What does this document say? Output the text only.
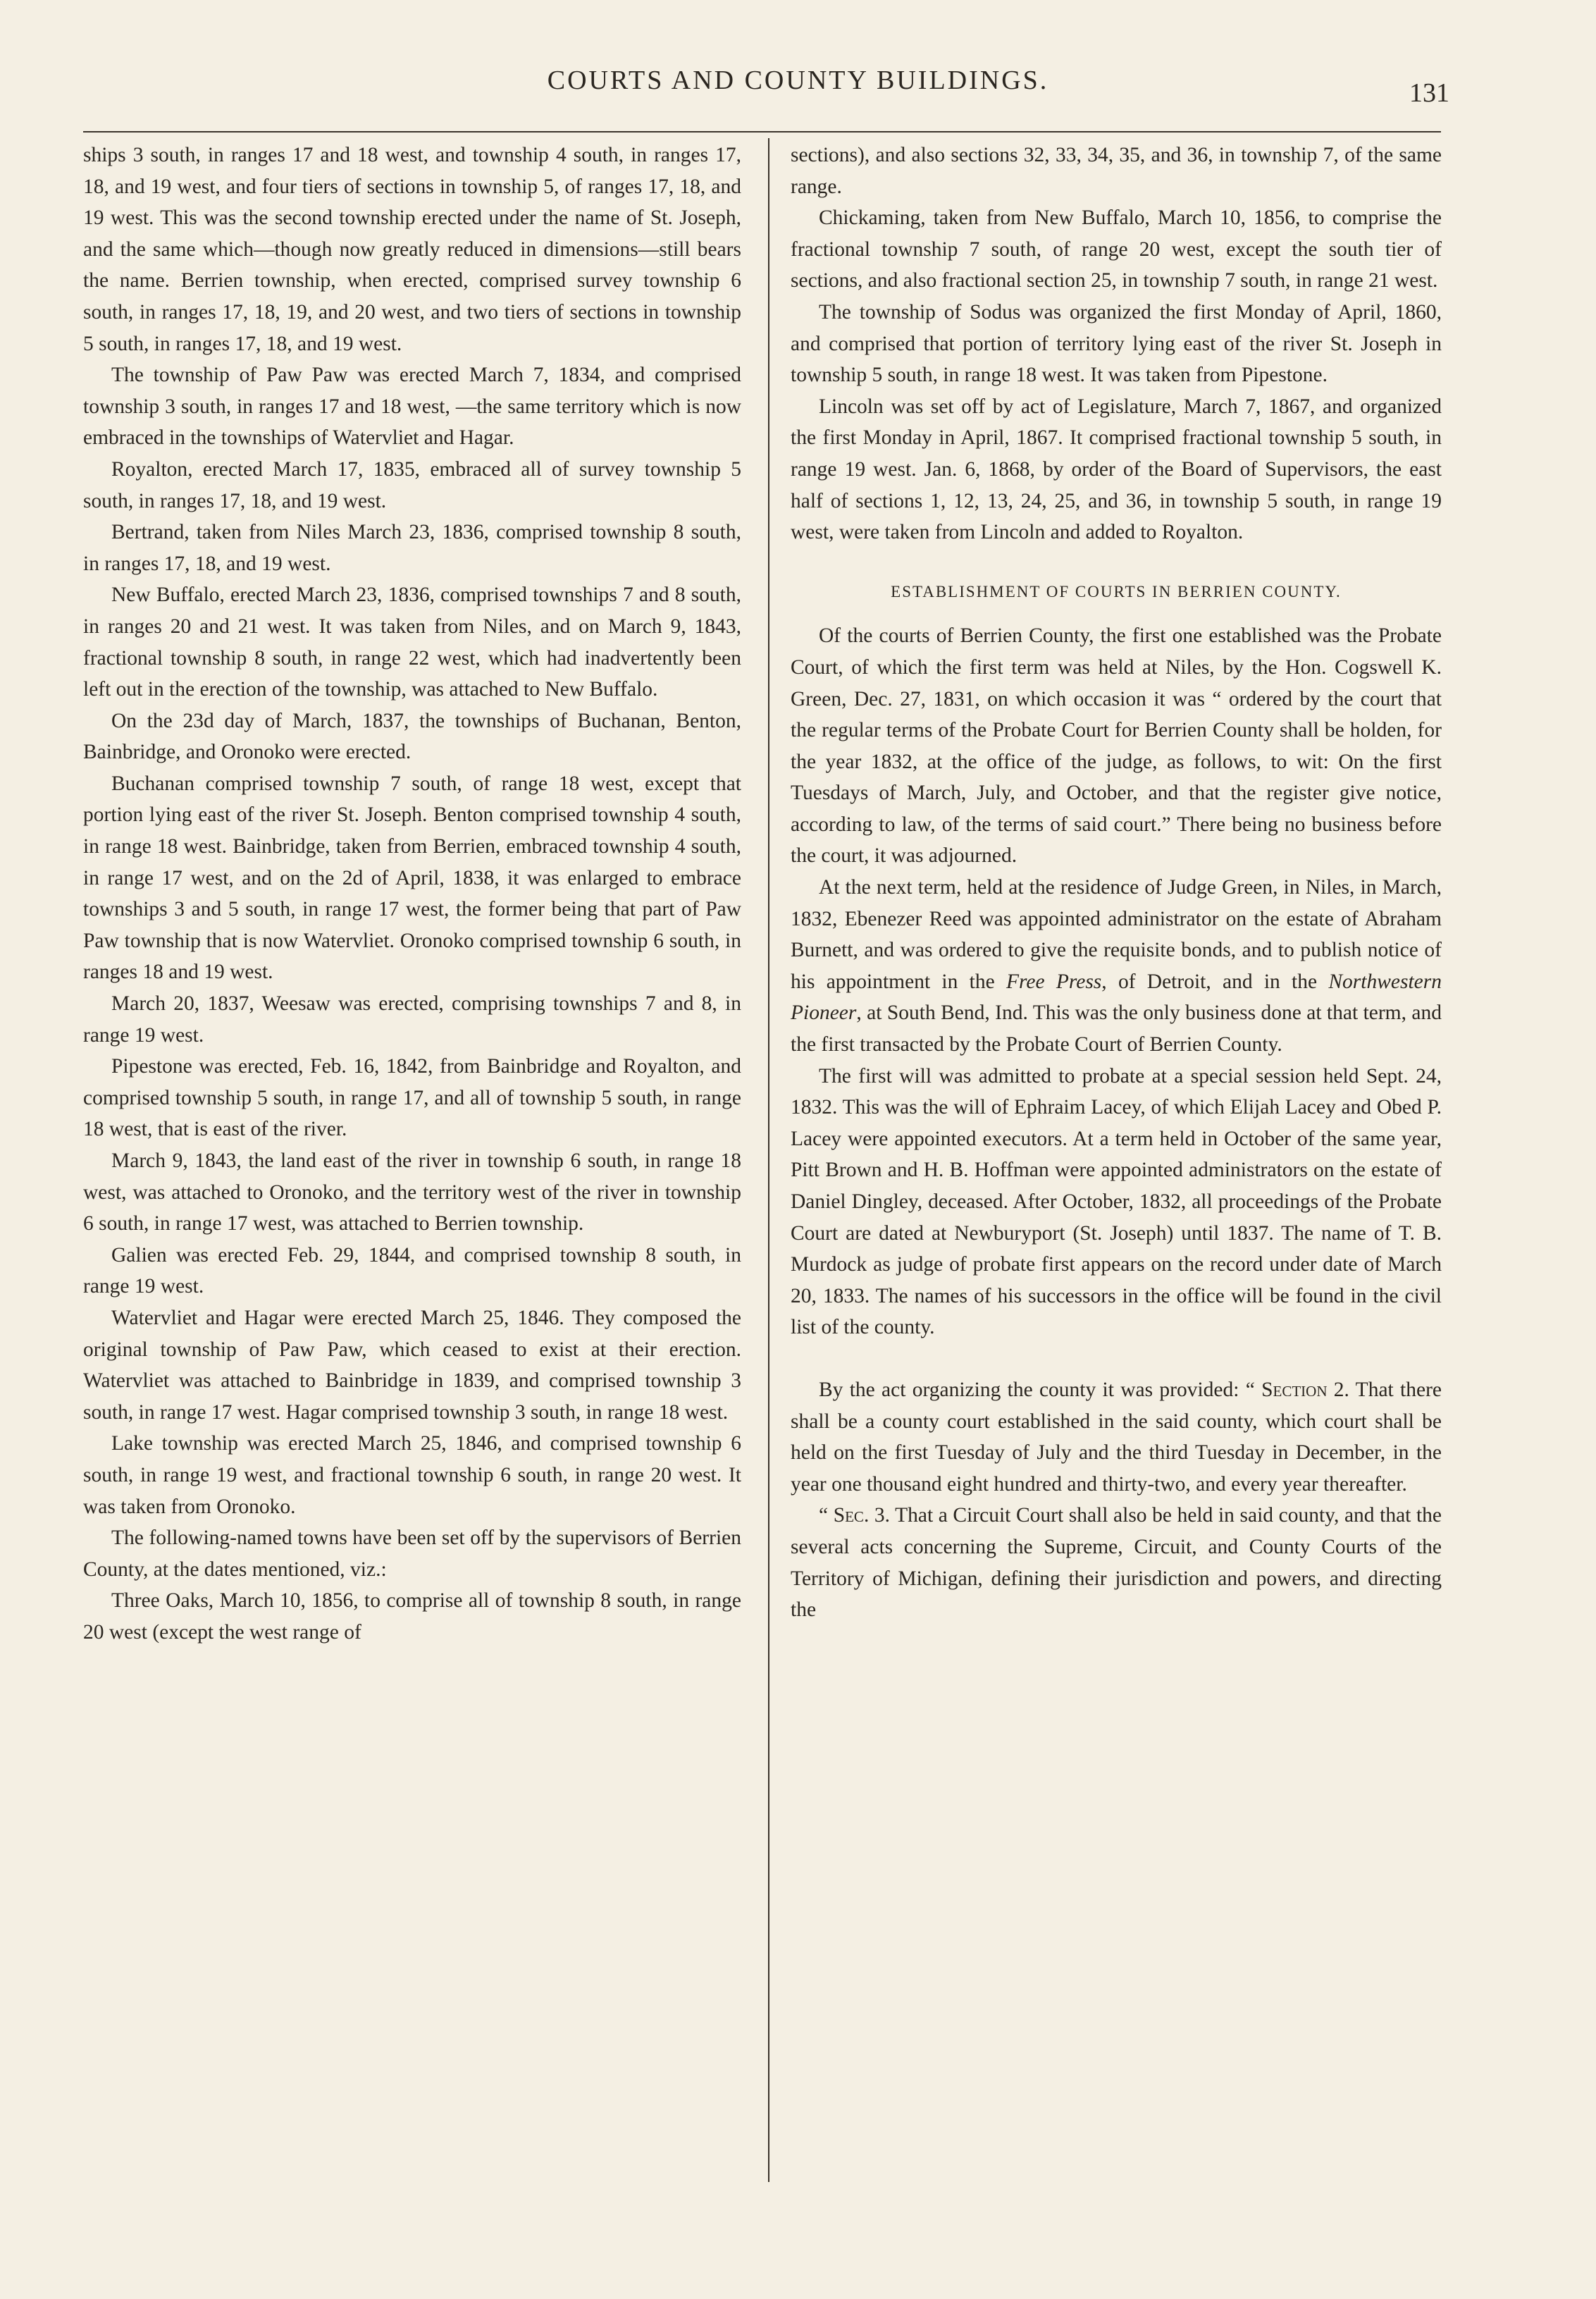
COURTS AND COUNTY BUILDINGS.	131

ships 3 south, in ranges 17 and 18 west, and township 4 south, in ranges 17, 18, and 19 west, and four tiers of sections in township 5, of ranges 17, 18, and 19 west. This was the second township erected under the name of St. Joseph, and the same which—though now greatly reduced in dimensions—still bears the name. Berrien township, when erected, comprised survey township 6 south, in ranges 17, 18, 19, and 20 west, and two tiers of sections in township 5 south, in ranges 17, 18, and 19 west.

The township of Paw Paw was erected March 7, 1834, and comprised township 3 south, in ranges 17 and 18 west, —the same territory which is now embraced in the townships of Watervliet and Hagar.

Royalton, erected March 17, 1835, embraced all of survey township 5 south, in ranges 17, 18, and 19 west.

Bertrand, taken from Niles March 23, 1836, comprised township 8 south, in ranges 17, 18, and 19 west.

New Buffalo, erected March 23, 1836, comprised townships 7 and 8 south, in ranges 20 and 21 west. It was taken from Niles, and on March 9, 1843, fractional township 8 south, in range 22 west, which had inadvertently been left out in the erection of the township, was attached to New Buffalo.

On the 23d day of March, 1837, the townships of Buchanan, Benton, Bainbridge, and Oronoko were erected.

Buchanan comprised township 7 south, of range 18 west, except that portion lying east of the river St. Joseph. Benton comprised township 4 south, in range 18 west. Bainbridge, taken from Berrien, embraced township 4 south, in range 17 west, and on the 2d of April, 1838, it was enlarged to embrace townships 3 and 5 south, in range 17 west, the former being that part of Paw Paw township that is now Watervliet. Oronoko comprised township 6 south, in ranges 18 and 19 west.

March 20, 1837, Weesaw was erected, comprising townships 7 and 8, in range 19 west.

Pipestone was erected, Feb. 16, 1842, from Bainbridge and Royalton, and comprised township 5 south, in range 17, and all of township 5 south, in range 18 west, that is east of the river.

March 9, 1843, the land east of the river in township 6 south, in range 18 west, was attached to Oronoko, and the territory west of the river in township 6 south, in range 17 west, was attached to Berrien township.

Galien was erected Feb. 29, 1844, and comprised township 8 south, in range 19 west.

Watervliet and Hagar were erected March 25, 1846. They composed the original township of Paw Paw, which ceased to exist at their erection. Watervliet was attached to Bainbridge in 1839, and comprised township 3 south, in range 17 west. Hagar comprised township 3 south, in range 18 west.

Lake township was erected March 25, 1846, and comprised township 6 south, in range 19 west, and fractional township 6 south, in range 20 west. It was taken from Oronoko.

The following-named towns have been set off by the supervisors of Berrien County, at the dates mentioned, viz.:

Three Oaks, March 10, 1856, to comprise all of township 8 south, in range 20 west (except the west range of

sections), and also sections 32, 33, 34, 35, and 36, in township 7, of the same range.

Chickaming, taken from New Buffalo, March 10, 1856, to comprise the fractional township 7 south, of range 20 west, except the south tier of sections, and also fractional section 25, in township 7 south, in range 21 west.

The township of Sodus was organized the first Monday of April, 1860, and comprised that portion of territory lying east of the river St. Joseph in township 5 south, in range 18 west. It was taken from Pipestone.

Lincoln was set off by act of Legislature, March 7, 1867, and organized the first Monday in April, 1867. It comprised fractional township 5 south, in range 19 west. Jan. 6, 1868, by order of the Board of Supervisors, the east half of sections 1, 12, 13, 24, 25, and 36, in township 5 south, in range 19 west, were taken from Lincoln and added to Royalton.

ESTABLISHMENT OF COURTS IN BERRIEN COUNTY.

Of the courts of Berrien County, the first one established was the Probate Court, of which the first term was held at Niles, by the Hon. Cogswell K. Green, Dec. 27, 1831, on which occasion it was “ ordered by the court that the regular terms of the Probate Court for Berrien County shall be holden, for the year 1832, at the office of the judge, as follows, to wit: On the first Tuesdays of March, July, and October, and that the register give notice, according to law, of the terms of said court.” There being no business before the court, it was adjourned.

At the next term, held at the residence of Judge Green, in Niles, in March, 1832, Ebenezer Reed was appointed administrator on the estate of Abraham Burnett, and was ordered to give the requisite bonds, and to publish notice of his appointment in the Free Press, of Detroit, and in the Northwestern Pioneer, at South Bend, Ind. This was the only business done at that term, and the first transacted by the Probate Court of Berrien County.

The first will was admitted to probate at a special session held Sept. 24, 1832. This was the will of Ephraim Lacey, of which Elijah Lacey and Obed P. Lacey were appointed executors. At a term held in October of the same year, Pitt Brown and H. B. Hoffman were appointed administrators on the estate of Daniel Dingley, deceased. After October, 1832, all proceedings of the Probate Court are dated at Newburyport (St. Joseph) until 1837. The name of T. B. Murdock as judge of probate first appears on the record under date of March 20, 1833. The names of his successors in the office will be found in the civil list of the county.

By the act organizing the county it was provided: “ Section 2. That there shall be a county court established in the said county, which court shall be held on the first Tuesday of July and the third Tuesday in December, in the year one thousand eight hundred and thirty-two, and every year thereafter.

“ Sec. 3. That a Circuit Court shall also be held in said county, and that the several acts concerning the Supreme, Circuit, and County Courts of the Territory of Michigan, defining their jurisdiction and powers, and directing the
